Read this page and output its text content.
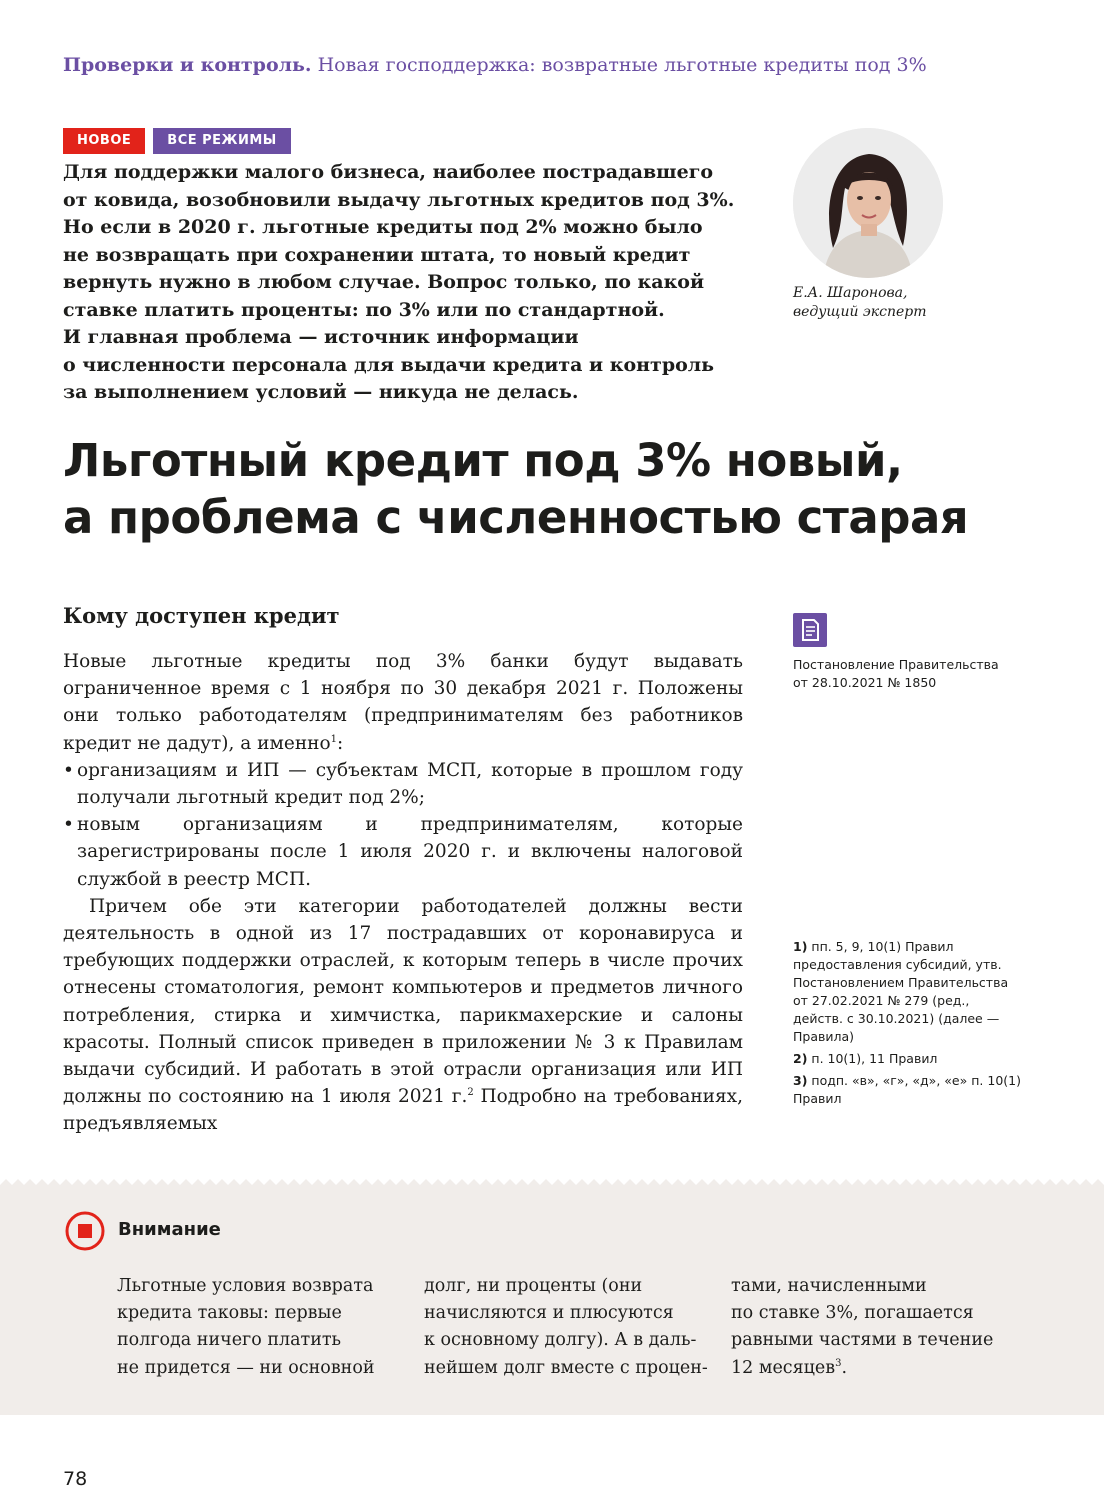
Проверки и контроль. Новая господдержка: возвратные льготные кредиты под 3%
НОВОЕ	ВСЕ РЕЖИМЫ
Для поддержки малого бизнеса, наиболее пострадавшего
от ковида, возобновили выдачу льготных кредитов под 3%.
Но если в 2020 г. льготные кредиты под 2% можно было
не возвращать при сохранении штата, то новый кредит
вернуть нужно в любом случае. Вопрос только, по какой
ставке платить проценты: по 3% или по стандартной.
И главная проблема — источник информации
о численности персонала для выдачи кредита и контроль
за выполнением условий — никуда не делась.
Е.А. Шаронова,
ведущий эксперт
Льготный кредит под 3% новый,
а проблема с численностью старая
Кому доступен кредит

Новые льготные кредиты под 3% банки будут выдавать ограниченное время с 1 ноября по 30 декабря 2021 г. Положены они только работодателям (предпринимателям без работников кредит не дадут), а именно$^1$:

• организациям и ИП — субъектам МСП, которые в прошлом году получали льготный кредит под 2%;
• новым организациям и предпринимателям, которые зарегистрированы после 1 июля 2020 г. и включены налоговой службой в реестр МСП.

Причем обе эти категории работодателей должны вести деятельность в одной из 17 пострадавших от коронавируса и требующих поддержки отраслей, к которым теперь в числе прочих отнесены стоматология, ремонт компьютеров и предметов личного потребления, стирка и химчистка, парикмахерские и салоны красоты. Полный список приведен в приложении № 3 к Правилам выдачи субсидий. И работать в этой отрасли организация или ИП должны по состоянию на 1 июля 2021 г.$^2$ Подробно на требованиях, предъявляемых

Постановление Правительства
от 28.10.2021 № 1850
1) пп. 5, 9, 10(1) Правил предоставления субсидий, утв. Постановлением Правительства от 27.02.2021 № 279 (ред., действ. с 30.10.2021) (далее — Правила)
2) п. 10(1), 11 Правил
3) подп. «в», «г», «д», «е» п. 10(1) Правил
Внимание
Льготные условия возврата
кредита таковы: первые
полгода ничего платить
не придется — ни основной
долг, ни проценты (они
начисляются и плюсуются
к основному долгу). А в даль-
нейшем долг вместе с процен-
тами, начисленными
по ставке 3%, погашается
равными частями в течение
12 месяцев$^3$.
78
